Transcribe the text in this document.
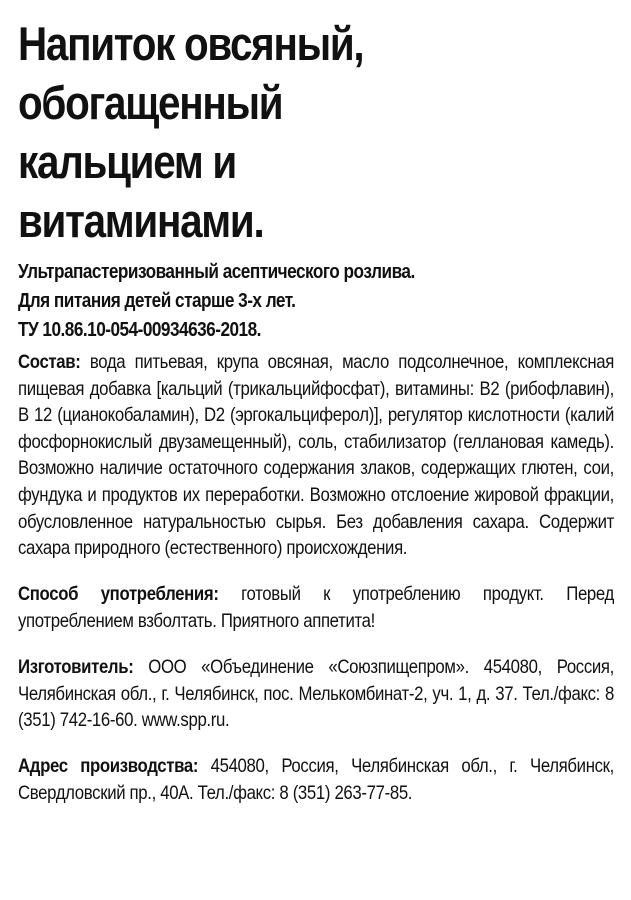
Напиток овсяный,
обогащенный
кальцием и
витаминами.
Ультрапастеризованный асептического розлива.
Для питания детей старше 3-х лет.
ТУ 10.86.10-054-00934636-2018.

Состав: вода питьевая, крупа овсяная, масло подсолнечное, комплексная пищевая добавка [кальций (трикальцийфосфат), витамины: В2 (рибофлавин), В 12 (цианокобаламин), D2 (эргокальциферол)], регулятор кислотности (калий фосфорнокислый двузамещенный), соль, стабилизатор (геллановая камедь). Возможно наличие остаточного содержания злаков, содержащих глютен, сои, фундука и продуктов их переработки. Возможно отслоение жировой фракции, обусловленное натуральностью сырья. Без добавления сахара. Содержит сахара природного (естественного) происхождения.

Способ употребления: готовый к употреблению продукт. Перед употреблением взболтать. Приятного аппетита!

Изготовитель: ООО «Объединение «Союзпищепром». 454080, Россия, Челябинская обл., г. Челябинск, пос. Мелькомбинат-2, уч. 1, д. 37. Тел./факс: 8 (351) 742-16-60. www.spp.ru.

Адрес производства: 454080, Россия, Челябинская обл., г. Челябинск, Свердловский пр., 40А. Тел./факс: 8 (351) 263-77-85.
